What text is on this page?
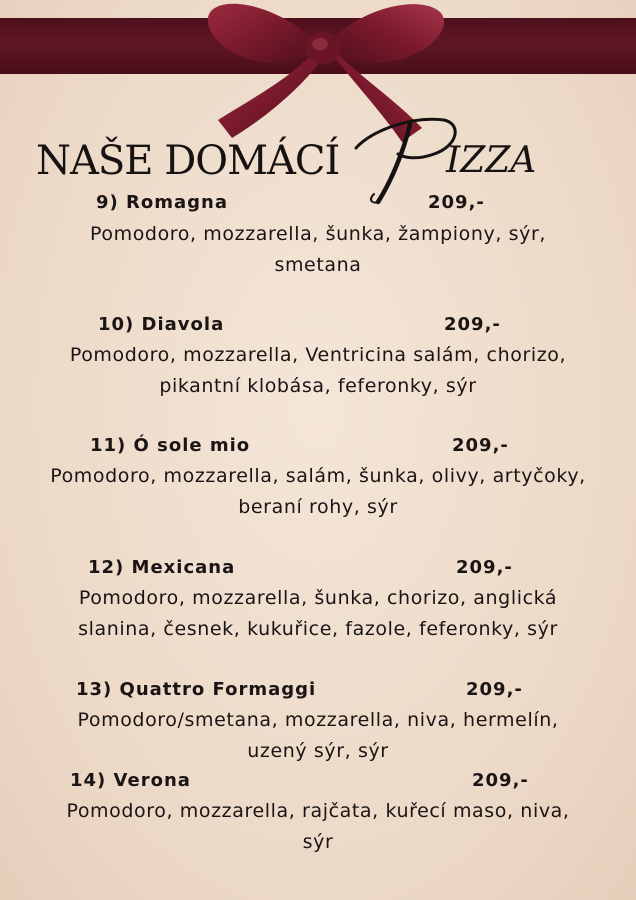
NAŠE DOMÁCÍ	IZZA
9) Romagna	209,-
Pomodoro, mozzarella, šunka, žampiony, sýr,
smetana
10) Diavola	209,-
Pomodoro, mozzarella, Ventricina salám, chorizo,
pikantní klobása, feferonky, sýr
11) Ó sole mio	209,-
Pomodoro, mozzarella, salám, šunka, olivy, artyčoky,
beraní rohy, sýr
12) Mexicana	209,-
Pomodoro, mozzarella, šunka, chorizo, anglická
slanina, česnek, kukuřice, fazole, feferonky, sýr
13) Quattro Formaggi	209,-
Pomodoro/smetana, mozzarella, niva, hermelín,
uzený sýr, sýr
14) Verona	209,-
Pomodoro, mozzarella, rajčata, kuřecí maso, niva,
sýr
